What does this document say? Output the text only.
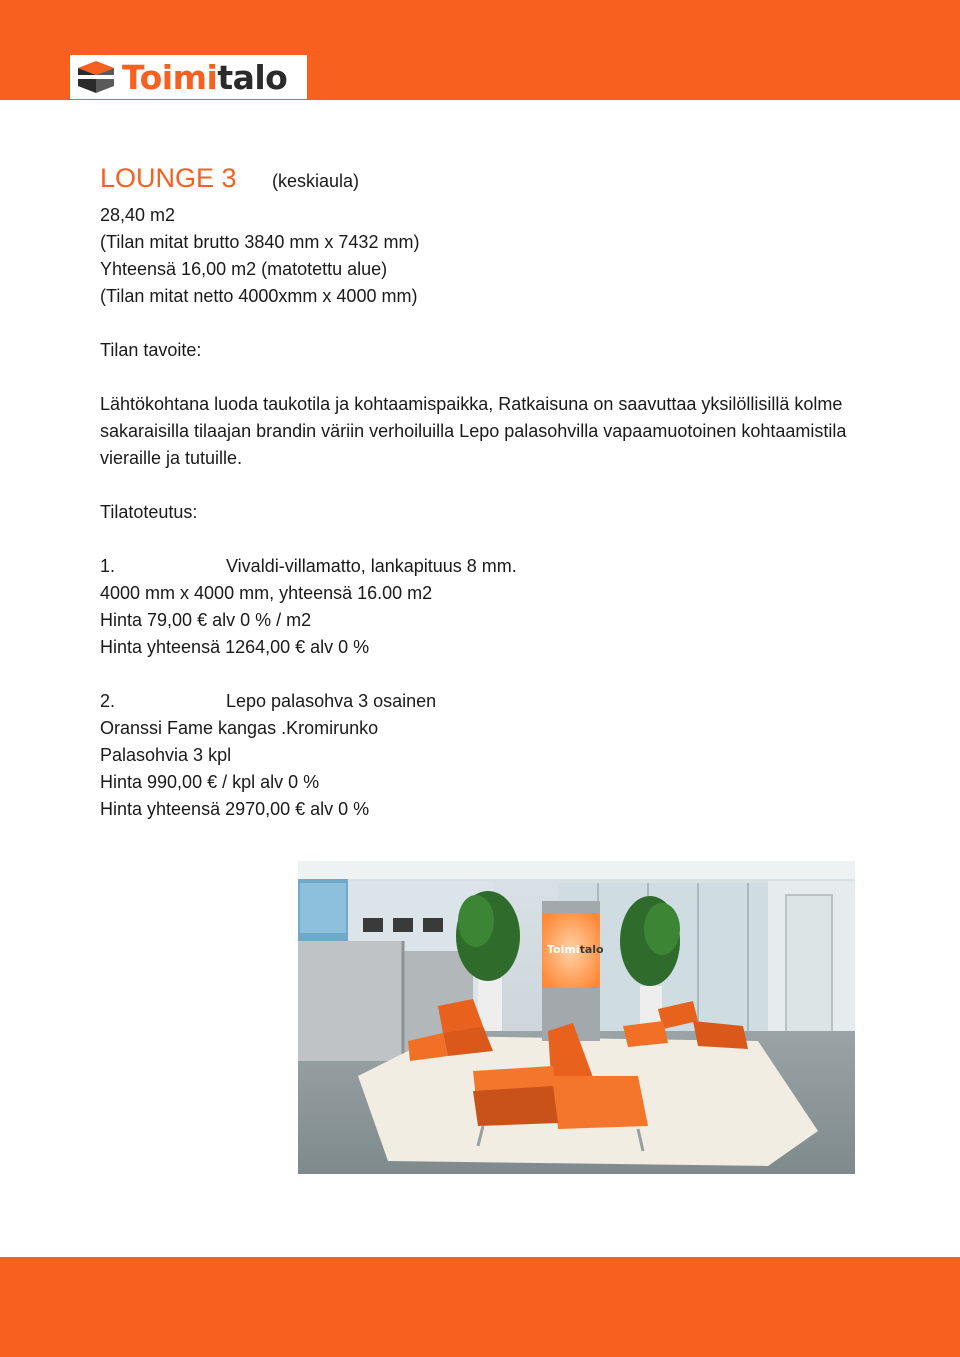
Toimitalo
LOUNGE 3	(keskiaula)
28,40 m2
(Tilan mitat brutto 3840 mm x 7432 mm)
Yhteensä 16,00 m2 (matotettu alue)
(Tilan mitat netto 4000xmm x 4000 mm)
Tilan tavoite:
Lähtökohtana luoda taukotila ja kohtaamispaikka, Ratkaisuna on saavuttaa yksilöllisillä kolme sakaraisilla tilaajan brandin väriin verhoiluilla Lepo palasohvilla vapaamuotoinen kohtaamistila vieraille ja tutuille.
Tilatoteutus:
1.	Vivaldi-villamatto, lankapituus 8 mm.
4000 mm x 4000 mm, yhteensä 16.00 m2
Hinta 79,00 € alv 0 % / m2
Hinta yhteensä 1264,00 € alv 0 %
2.	Lepo palasohva 3 osainen
Oranssi Fame kangas .Kromirunko
Palasohvia 3 kpl
Hinta 990,00 € / kpl alv 0 %
Hinta yhteensä 2970,00 € alv 0 %
Toimitalo
